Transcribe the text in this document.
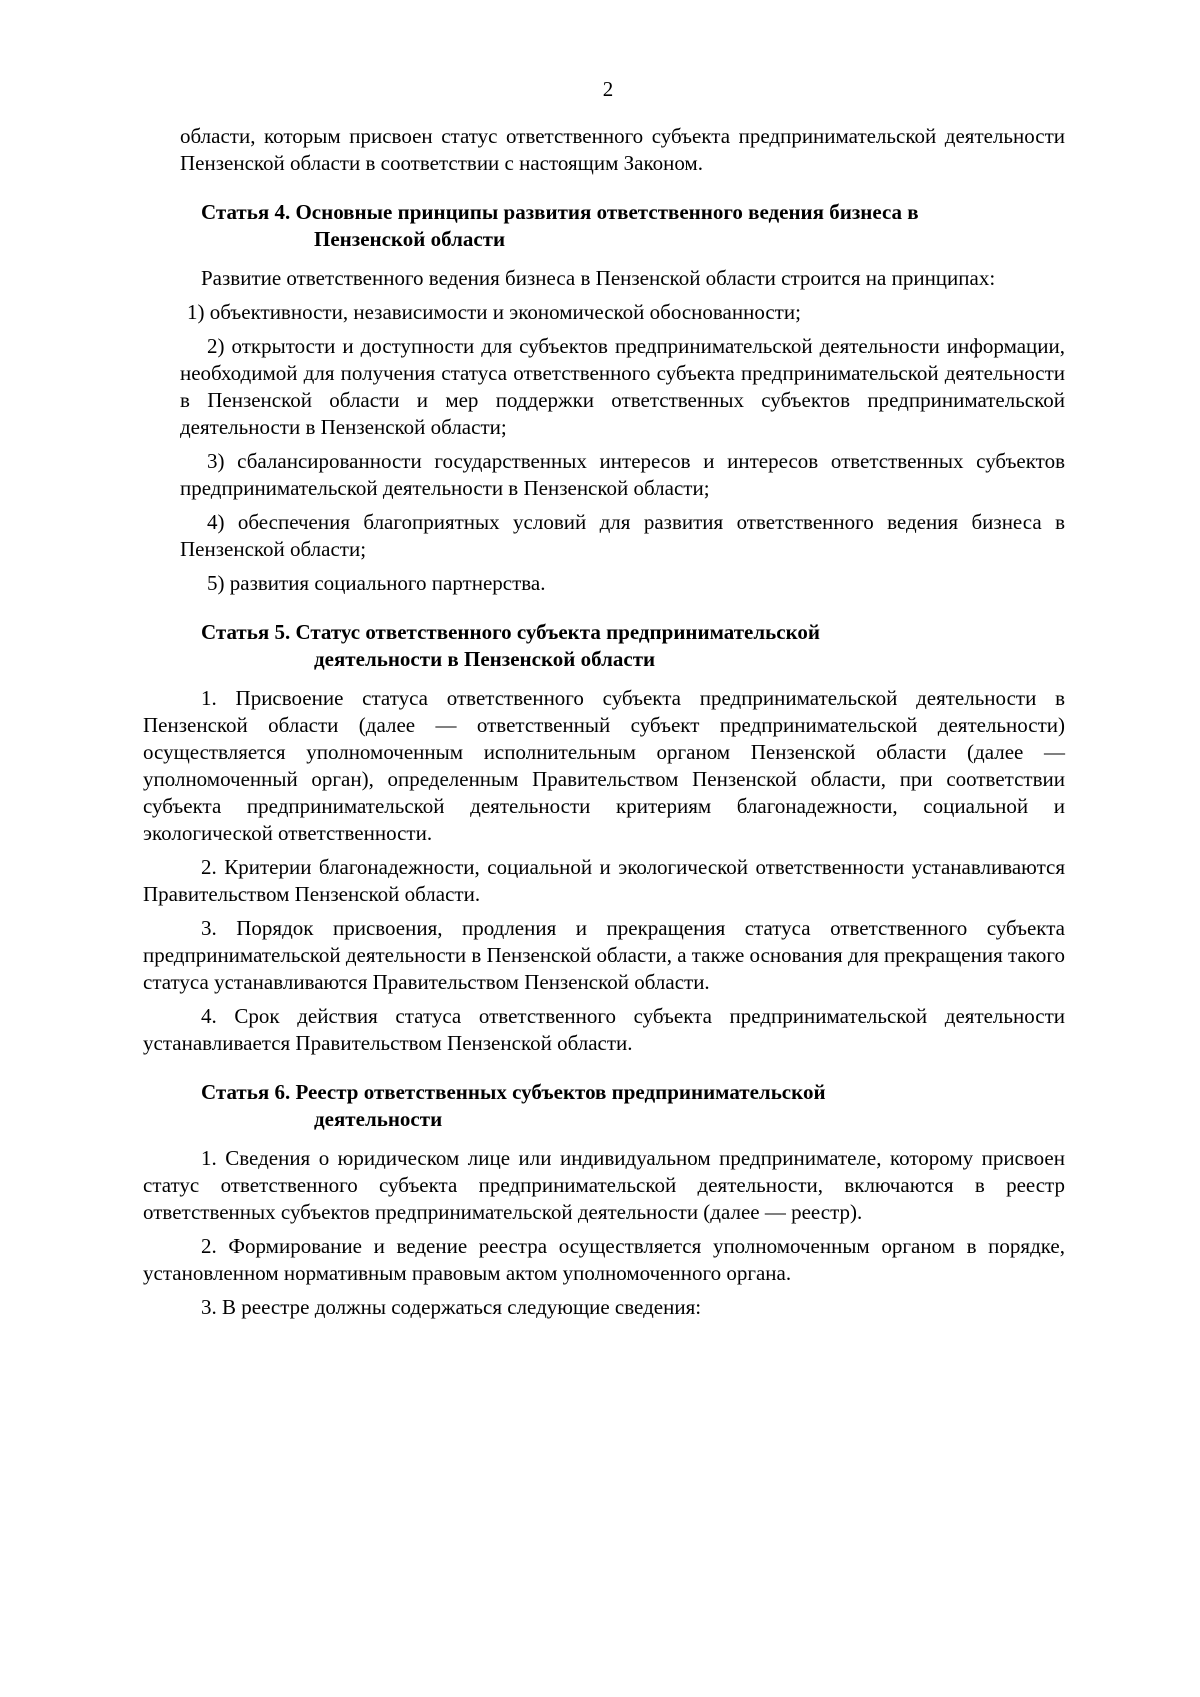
2

области, которым присвоен статус ответственного субъекта предпринимательской деятельности Пензенской области в соответствии с настоящим Законом.

Статья 4. Основные принципы развития ответственного ведения бизнеса в
Пензенской области

Развитие ответственного ведения бизнеса в Пензенской области строится на принципах:

1) объективности, независимости и экономической обоснованности;

2) открытости и доступности для субъектов предпринимательской деятельности информации, необходимой для получения статуса ответственного субъекта предпринимательской деятельности в Пензенской области и мер поддержки ответственных субъектов предпринимательской деятельности в Пензенской области;

3) сбалансированности государственных интересов и интересов ответственных субъектов предпринимательской деятельности в Пензенской области;

4) обеспечения благоприятных условий для развития ответственного ведения бизнеса в Пензенской области;

5) развития социального партнерства.

Статья 5. Статус ответственного субъекта предпринимательской
деятельности в Пензенской области

1. Присвоение статуса ответственного субъекта предпринимательской деятельности в Пензенской области (далее — ответственный субъект предпринимательской деятельности) осуществляется уполномоченным исполнительным органом Пензенской области (далее — уполномоченный орган), определенным Правительством Пензенской области, при соответствии субъекта предпринимательской деятельности критериям благонадежности, социальной и экологической ответственности.

2. Критерии благонадежности, социальной и экологической ответственности устанавливаются Правительством Пензенской области.

3. Порядок присвоения, продления и прекращения статуса ответственного субъекта предпринимательской деятельности в Пензенской области, а также основания для прекращения такого статуса устанавливаются Правительством Пензенской области.

4. Срок действия статуса ответственного субъекта предпринимательской деятельности устанавливается Правительством Пензенской области.

Статья 6. Реестр ответственных субъектов предпринимательской
деятельности

1. Сведения о юридическом лице или индивидуальном предпринимателе, которому присвоен статус ответственного субъекта предпринимательской деятельности, включаются в реестр ответственных субъектов предпринимательской деятельности (далее — реестр).

2. Формирование и ведение реестра осуществляется уполномоченным органом в порядке, установленном нормативным правовым актом уполномоченного органа.

3. В реестре должны содержаться следующие сведения:
